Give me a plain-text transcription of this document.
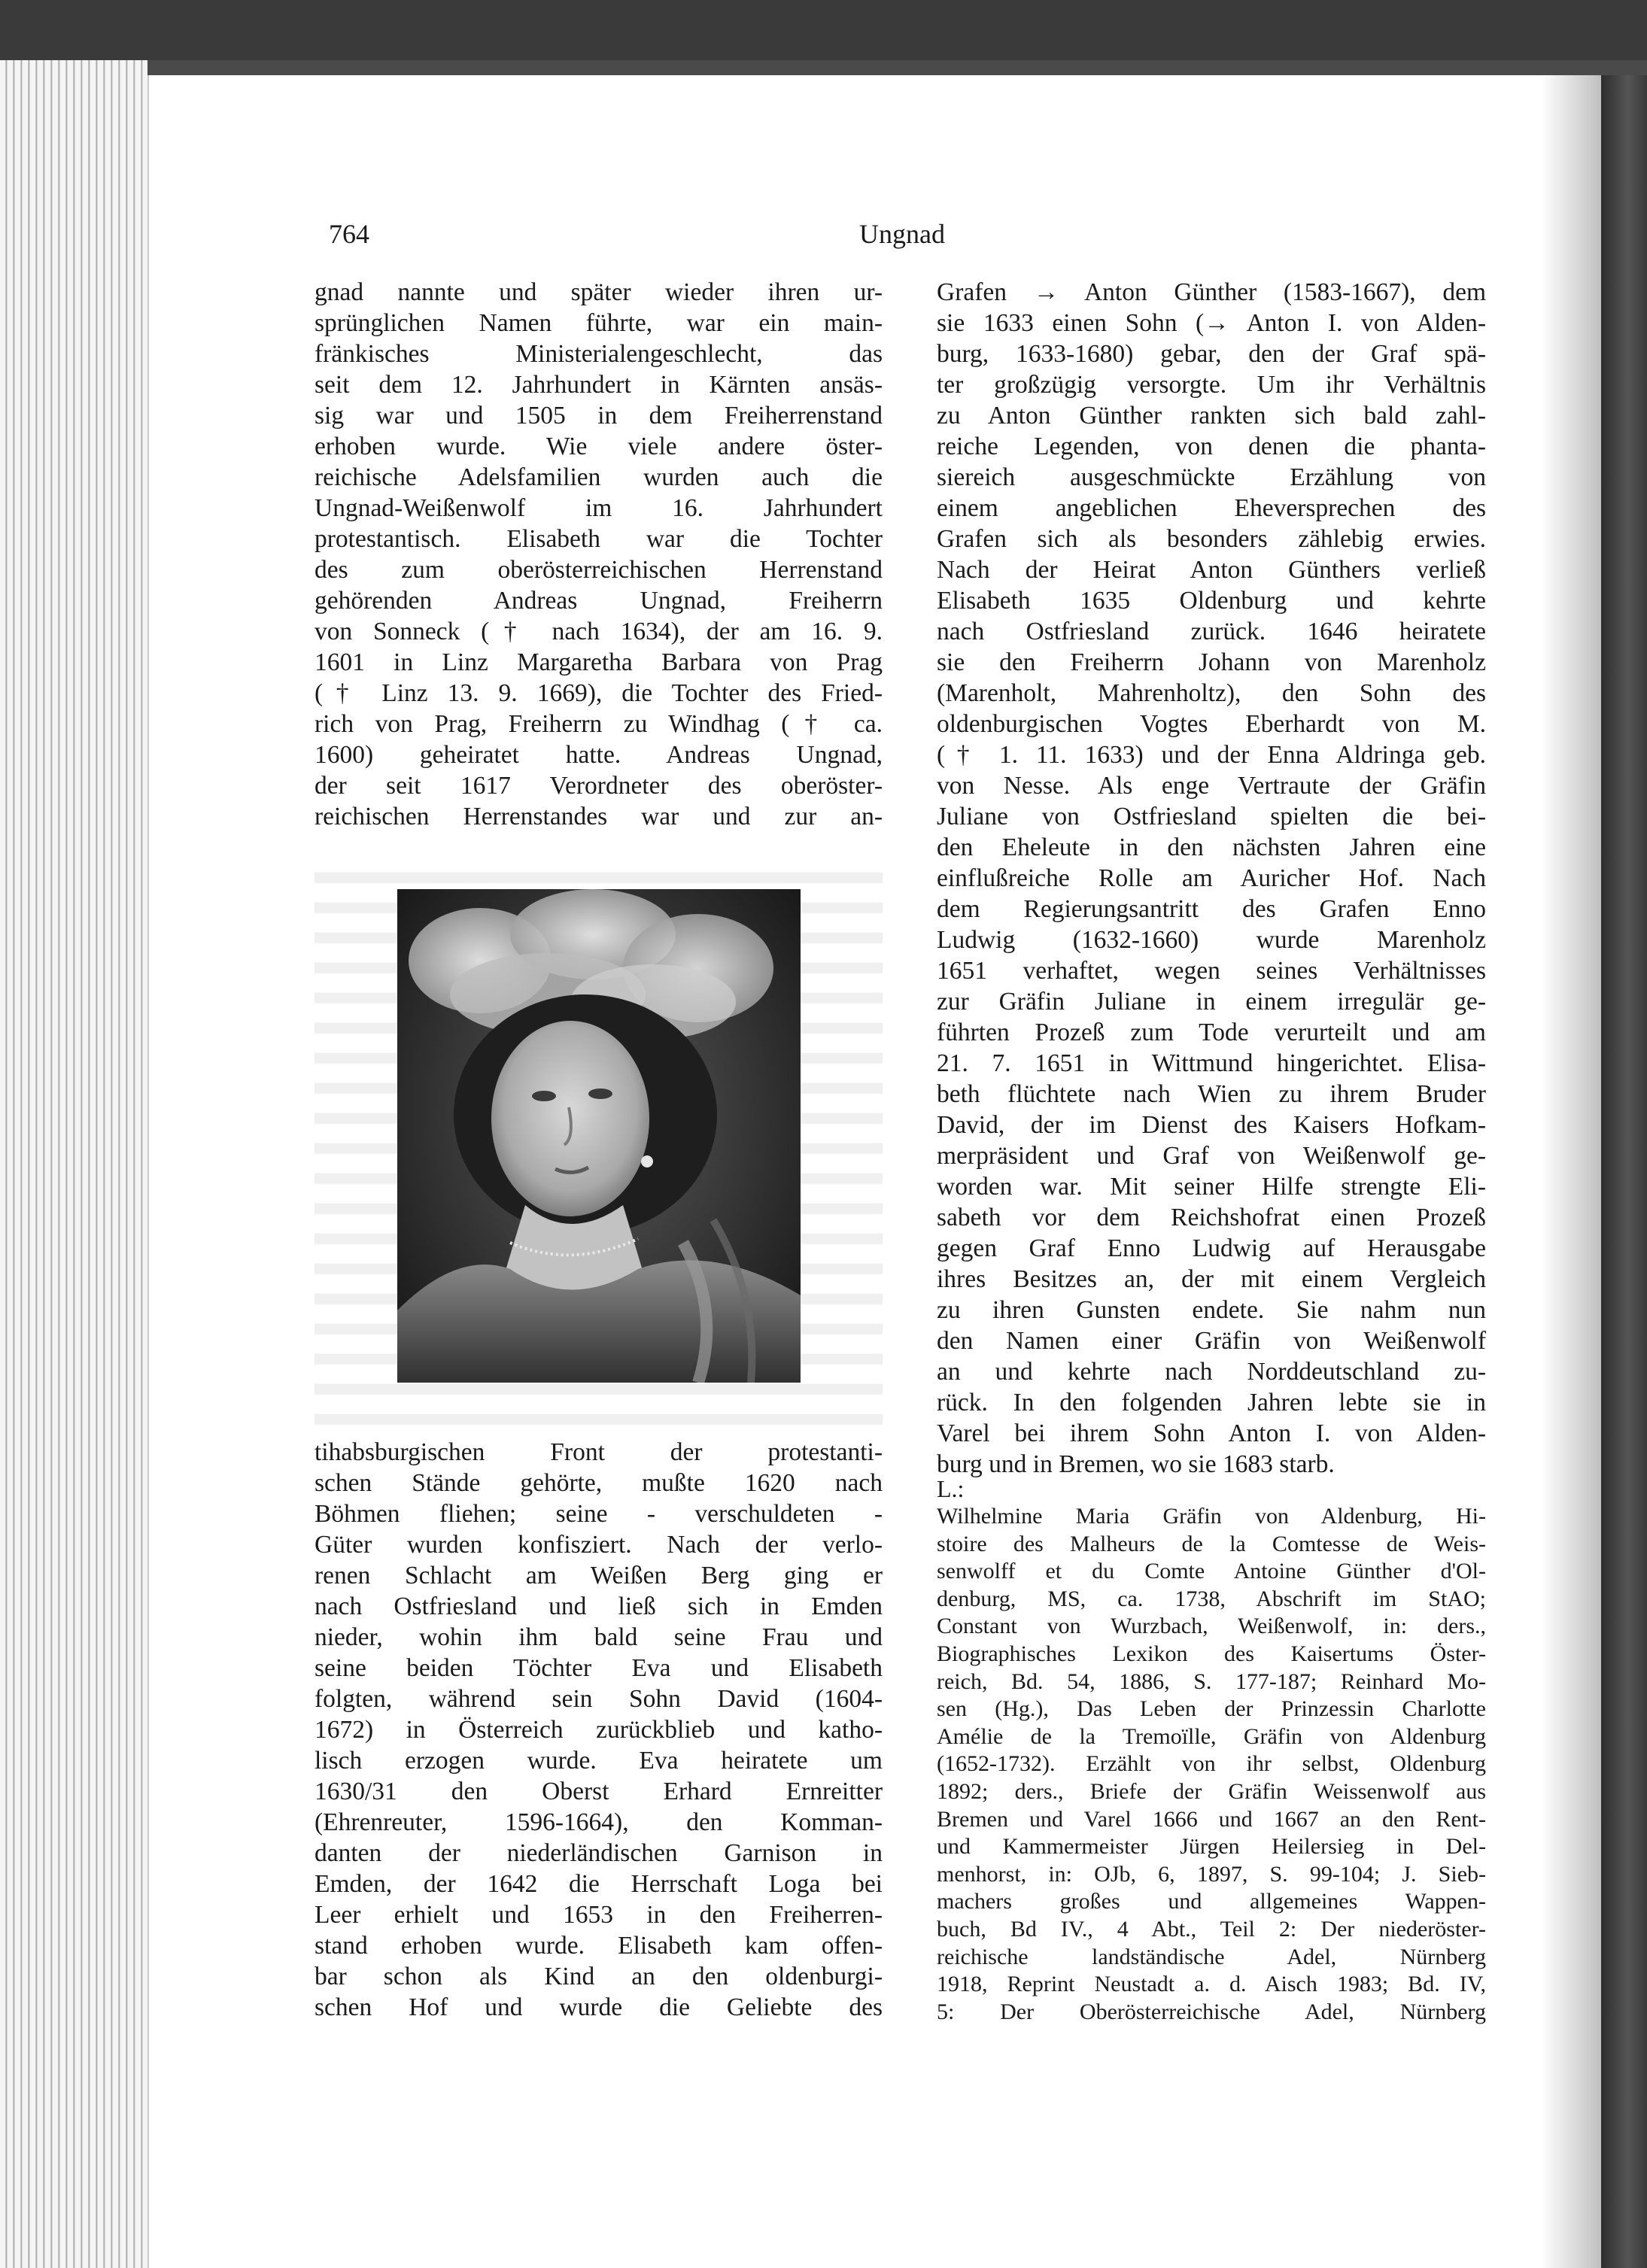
764	Ungnad
gnad nannte und später wieder ihren ur-
sprünglichen Namen führte, war ein main-
fränkisches Ministerialengeschlecht, das
seit dem 12. Jahrhundert in Kärnten ansäs-
sig war und 1505 in dem Freiherrenstand
erhoben wurde. Wie viele andere öster-
reichische Adelsfamilien wurden auch die
Ungnad-Weißenwolf im 16. Jahrhundert
protestantisch. Elisabeth war die Tochter
des zum oberösterreichischen Herrenstand
gehörenden Andreas Ungnad, Freiherrn
von Sonneck († nach 1634), der am 16. 9.
1601 in Linz Margaretha Barbara von Prag
(† Linz 13. 9. 1669), die Tochter des Fried-
rich von Prag, Freiherrn zu Windhag († ca.
1600) geheiratet hatte. Andreas Ungnad,
der seit 1617 Verordneter des oberöster-
reichischen Herrenstandes war und zur an-
tihabsburgischen Front der protestanti-
schen Stände gehörte, mußte 1620 nach
Böhmen fliehen; seine - verschuldeten -
Güter wurden konfisziert. Nach der verlo-
renen Schlacht am Weißen Berg ging er
nach Ostfriesland und ließ sich in Emden
nieder, wohin ihm bald seine Frau und
seine beiden Töchter Eva und Elisabeth
folgten, während sein Sohn David (1604-
1672) in Österreich zurückblieb und katho-
lisch erzogen wurde. Eva heiratete um
1630/31 den Oberst Erhard Ernreitter
(Ehrenreuter, 1596-1664), den Komman-
danten der niederländischen Garnison in
Emden, der 1642 die Herrschaft Loga bei
Leer erhielt und 1653 in den Freiherren-
stand erhoben wurde. Elisabeth kam offen-
bar schon als Kind an den oldenburgi-
schen Hof und wurde die Geliebte des
Grafen → Anton Günther (1583-1667), dem
sie 1633 einen Sohn (→ Anton I. von Alden-
burg, 1633-1680) gebar, den der Graf spä-
ter großzügig versorgte. Um ihr Verhältnis
zu Anton Günther rankten sich bald zahl-
reiche Legenden, von denen die phanta-
siereich ausgeschmückte Erzählung von
einem angeblichen Eheversprechen des
Grafen sich als besonders zählebig erwies.
Nach der Heirat Anton Günthers verließ
Elisabeth 1635 Oldenburg und kehrte
nach Ostfriesland zurück. 1646 heiratete
sie den Freiherrn Johann von Marenholz
(Marenholt, Mahrenholtz), den Sohn des
oldenburgischen Vogtes Eberhardt von M.
(† 1. 11. 1633) und der Enna Aldringa geb.
von Nesse. Als enge Vertraute der Gräfin
Juliane von Ostfriesland spielten die bei-
den Eheleute in den nächsten Jahren eine
einflußreiche Rolle am Auricher Hof. Nach
dem Regierungsantritt des Grafen Enno
Ludwig (1632-1660) wurde Marenholz
1651 verhaftet, wegen seines Verhältnisses
zur Gräfin Juliane in einem irregulär ge-
führten Prozeß zum Tode verurteilt und am
21. 7. 1651 in Wittmund hingerichtet. Elisa-
beth flüchtete nach Wien zu ihrem Bruder
David, der im Dienst des Kaisers Hofkam-
merpräsident und Graf von Weißenwolf ge-
worden war. Mit seiner Hilfe strengte Eli-
sabeth vor dem Reichshofrat einen Prozeß
gegen Graf Enno Ludwig auf Herausgabe
ihres Besitzes an, der mit einem Vergleich
zu ihren Gunsten endete. Sie nahm nun
den Namen einer Gräfin von Weißenwolf
an und kehrte nach Norddeutschland zu-
rück. In den folgenden Jahren lebte sie in
Varel bei ihrem Sohn Anton I. von Alden-
burg und in Bremen, wo sie 1683 starb.
L.:
Wilhelmine Maria Gräfin von Aldenburg, Hi-
stoire des Malheurs de la Comtesse de Weis-
senwolff et du Comte Antoine Günther d'Ol-
denburg, MS, ca. 1738, Abschrift im StAO;
Constant von Wurzbach, Weißenwolf, in: ders.,
Biographisches Lexikon des Kaisertums Öster-
reich, Bd. 54, 1886, S. 177-187; Reinhard Mo-
sen (Hg.), Das Leben der Prinzessin Charlotte
Amélie de la Tremoïlle, Gräfin von Aldenburg
(1652-1732). Erzählt von ihr selbst, Oldenburg
1892; ders., Briefe der Gräfin Weissenwolf aus
Bremen und Varel 1666 und 1667 an den Rent-
und Kammermeister Jürgen Heilersieg in Del-
menhorst, in: OJb, 6, 1897, S. 99-104; J. Sieb-
machers großes und allgemeines Wappen-
buch, Bd IV., 4 Abt., Teil 2: Der niederöster-
reichische landständische Adel, Nürnberg
1918, Reprint Neustadt a. d. Aisch 1983; Bd. IV,
5: Der Oberösterreichische Adel, Nürnberg
